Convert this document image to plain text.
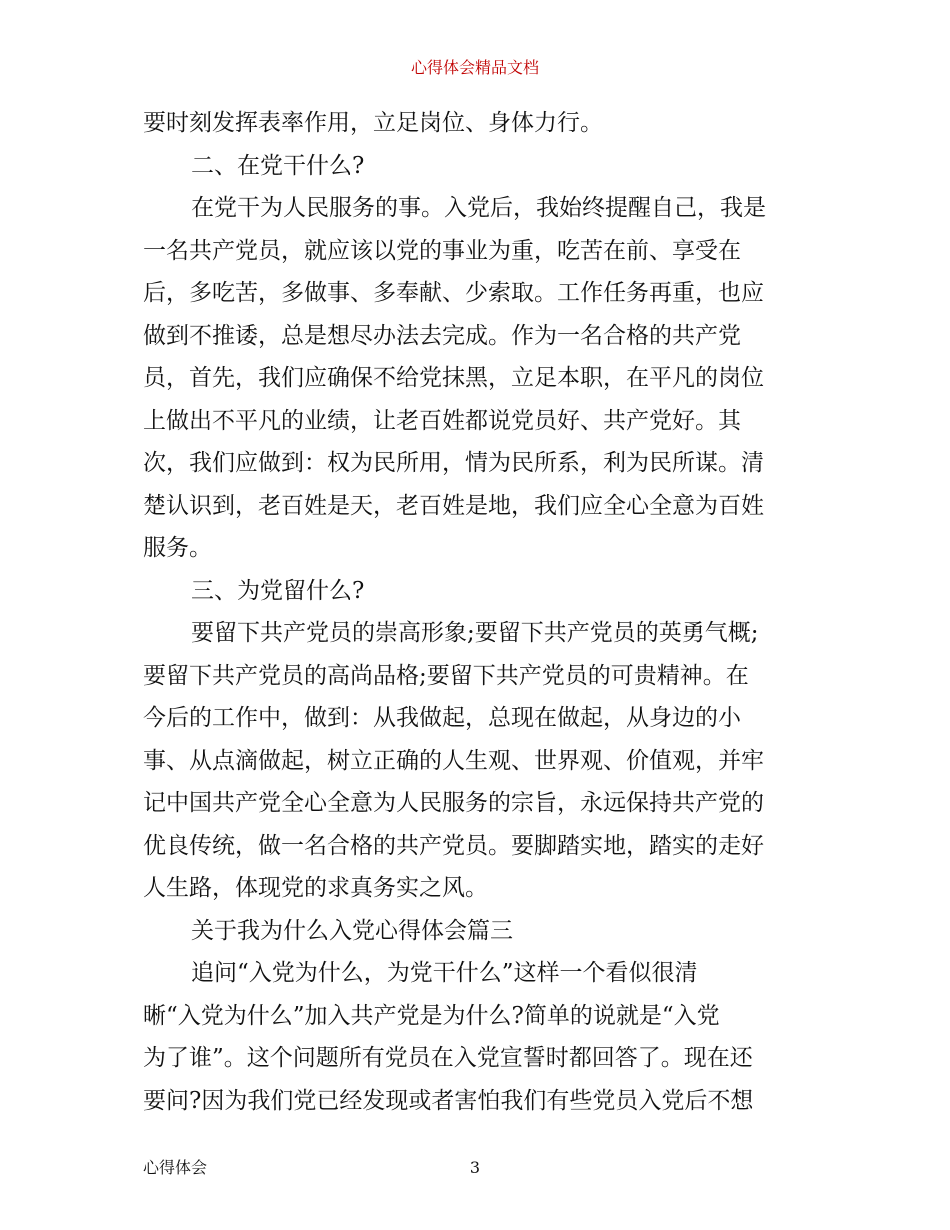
心得体会精品文档
要时刻发挥表率作用，立足岗位、身体力行。
二、在党干什么?
在党干为人民服务的事。入党后，我始终提醒自己，我是
一名共产党员，就应该以党的事业为重，吃苦在前、享受在
后，多吃苦，多做事、多奉献、少索取。工作任务再重，也应
做到不推诿，总是想尽办法去完成。作为一名合格的共产党
员，首先，我们应确保不给党抹黑，立足本职，在平凡的岗位
上做出不平凡的业绩，让老百姓都说党员好、共产党好。其
次，我们应做到：权为民所用，情为民所系，利为民所谋。清
楚认识到，老百姓是天，老百姓是地，我们应全心全意为百姓
服务。
三、为党留什么?
要留下共产党员的崇高形象;要留下共产党员的英勇气概;
要留下共产党员的高尚品格;要留下共产党员的可贵精神。在
今后的工作中，做到：从我做起，总现在做起，从身边的小
事、从点滴做起，树立正确的人生观、世界观、价值观，并牢
记中国共产党全心全意为人民服务的宗旨，永远保持共产党的
优良传统，做一名合格的共产党员。要脚踏实地，踏实的走好
人生路，体现党的求真务实之风。
关于我为什么入党心得体会篇三
追问“入党为什么，为党干什么”这样一个看似很清
晰“入党为什么”加入共产党是为什么?简单的说就是“入党
为了谁”。这个问题所有党员在入党宣誓时都回答了。现在还
要问?因为我们党已经发现或者害怕我们有些党员入党后不想
心得体会	3
